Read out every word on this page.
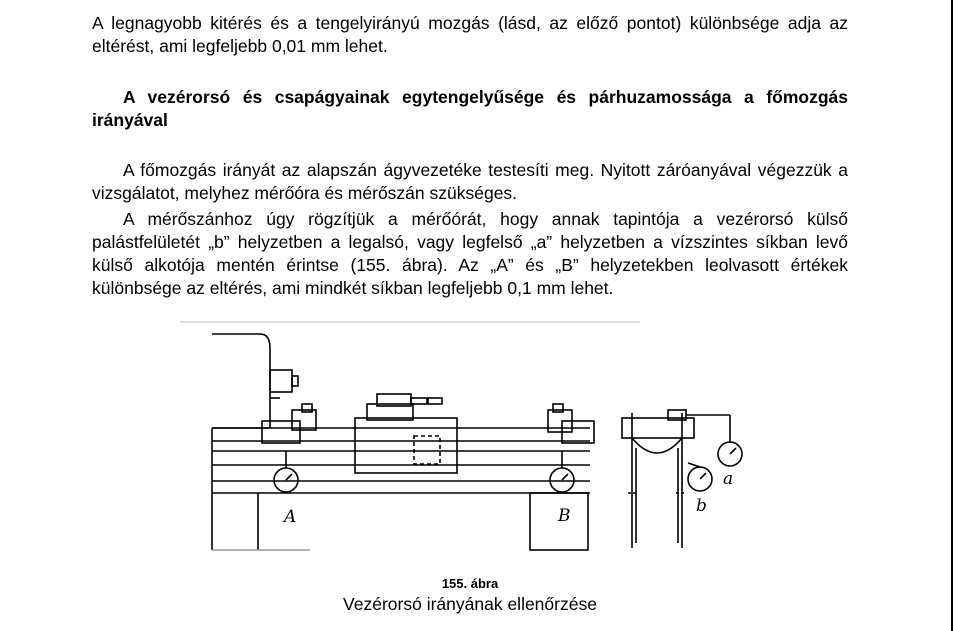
A legnagyobb kitérés és a tengelyirányú mozgás (lásd, az előző pontot) különbsége adja az eltérést, ami legfeljebb 0,01 mm lehet.

A vezérorsó és csapágyainak egytengelyűsége és párhuzamossága a főmozgás irányával

A főmozgás irányát az alapszán ágyvezetéke testesíti meg. Nyitott záróanyával végezzük a vizsgálatot, melyhez mérőóra és mérőszán szükséges.

A mérőszánhoz úgy rögzítjük a mérőórát, hogy annak tapintója a vezérorsó külső palástfelületét „b” helyzetben a legalsó, vagy legfelső „a” helyzetben a vízszintes síkban levő külső alkotója mentén érintse (155. ábra). Az „A” és „B” helyzetekben leolvasott értékek különbsége az eltérés, ami mindkét síkban legfeljebb 0,1 mm lehet.

A	B
a
b
155. ábra
Vezérorsó irányának ellenőrzése
